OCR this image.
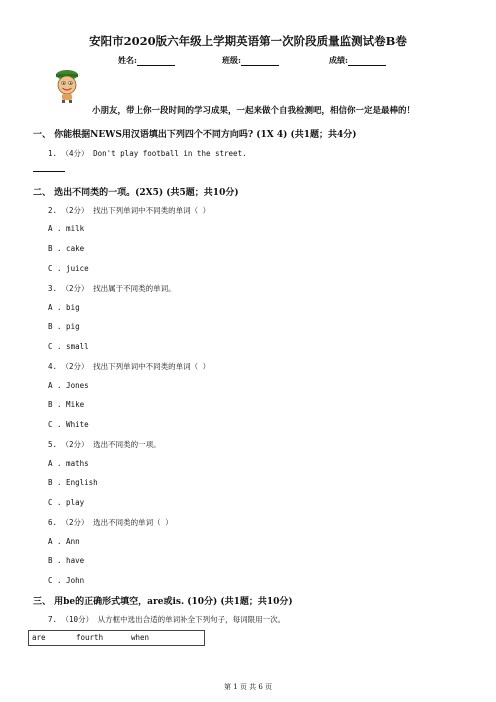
安阳市2020版六年级上学期英语第一次阶段质量监测试卷B卷
姓名:	班级:	成绩:
小朋友，带上你一段时间的学习成果，一起来做个自我检测吧，相信你一定是最棒的！
一、 你能根据NEWS用汉语填出下列四个不同方向吗? (1X 4) (共1题；共4分)
1. （4分） Don't play football in the street.
二、 选出不同类的一项。(2X5) (共5题；共10分)
2. （2分） 找出下列单词中不同类的单词（ ）
A . milk
B . cake
C . juice
3. （2分） 找出属于不同类的单词。
A . big
B . pig
C . small
4. （2分） 找出下列单词中不同类的单词（ ）
A . Jones
B . Mike
C . White
5. （2分） 选出不同类的一项。
A . maths
B . English
C . play
6. （2分） 选出不同类的单词（ ）
A . Ann
B . have
C . John
三、 用be的正确形式填空，are或is. (10分) (共1题；共10分)
7. （10分） 从方框中选出合适的单词补全下列句子，每词限用一次。
are	fourth	when
第 1 页 共 6 页
